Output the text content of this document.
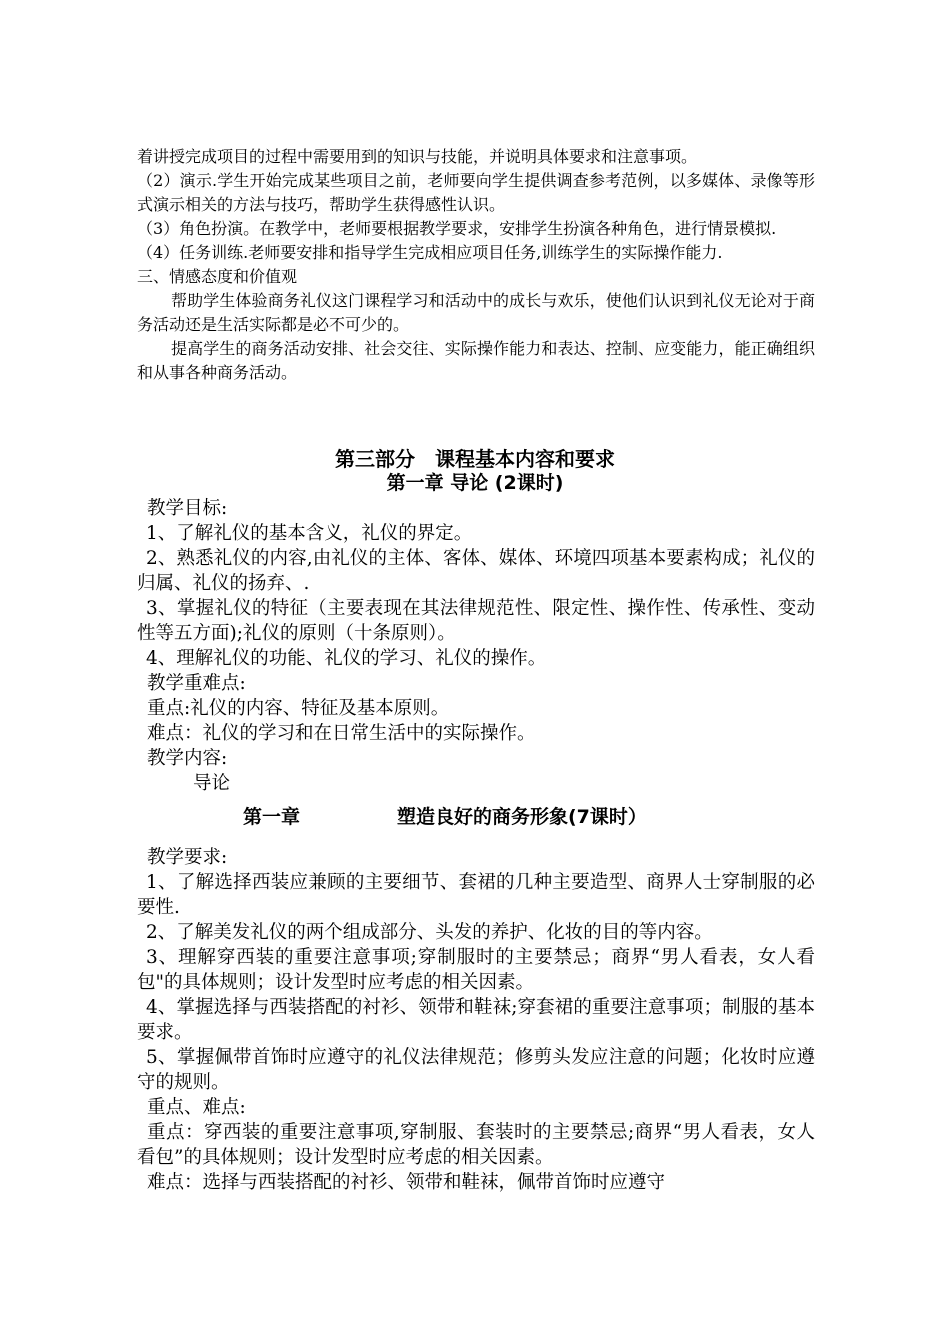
着讲授完成项目的过程中需要用到的知识与技能，并说明具体要求和注意事项。

（2）演示.学生开始完成某些项目之前，老师要向学生提供调查参考范例，以多媒体、录像等形式演示相关的方法与技巧，帮助学生获得感性认识。

（3）角色扮演。在教学中，老师要根据教学要求，安排学生扮演各种角色，进行情景模拟.

（4）任务训练.老师要安排和指导学生完成相应项目任务,训练学生的实际操作能力.

三、情感态度和价值观

帮助学生体验商务礼仪这门课程学习和活动中的成长与欢乐，使他们认识到礼仪无论对于商务活动还是生活实际都是必不可少的。

提高学生的商务活动安排、社会交往、实际操作能力和表达、控制、应变能力，能正确组织和从事各种商务活动。

第三部分　课程基本内容和要求
第一章 导论 (2课时)

教学目标:

1、了解礼仪的基本含义，礼仪的界定。

2、熟悉礼仪的内容,由礼仪的主体、客体、媒体、环境四项基本要素构成；礼仪的归属、礼仪的扬弃、.

3、掌握礼仪的特征（主要表现在其法律规范性、限定性、操作性、传承性、变动性等五方面);礼仪的原则（十条原则）。

4、理解礼仪的功能、礼仪的学习、礼仪的操作。

教学重难点:

重点:礼仪的内容、特征及基本原则。

难点：礼仪的学习和在日常生活中的实际操作。

教学内容:

导论

第一章	塑造良好的商务形象(7课时）

教学要求:

1、了解选择西装应兼顾的主要细节、套裙的几种主要造型、商界人士穿制服的必要性.

2、了解美发礼仪的两个组成部分、头发的养护、化妆的目的等内容。

3、理解穿西装的重要注意事项;穿制服时的主要禁忌；商界“男人看表，女人看包"的具体规则；设计发型时应考虑的相关因素。

4、掌握选择与西装搭配的衬衫、领带和鞋袜;穿套裙的重要注意事项；制服的基本要求。

5、掌握佩带首饰时应遵守的礼仪法律规范；修剪头发应注意的问题；化妆时应遵守的规则。

重点、难点:

重点：穿西装的重要注意事项,穿制服、套装时的主要禁忌;商界“男人看表，女人看包”的具体规则；设计发型时应考虑的相关因素。

难点：选择与西装搭配的衬衫、领带和鞋袜，佩带首饰时应遵守
